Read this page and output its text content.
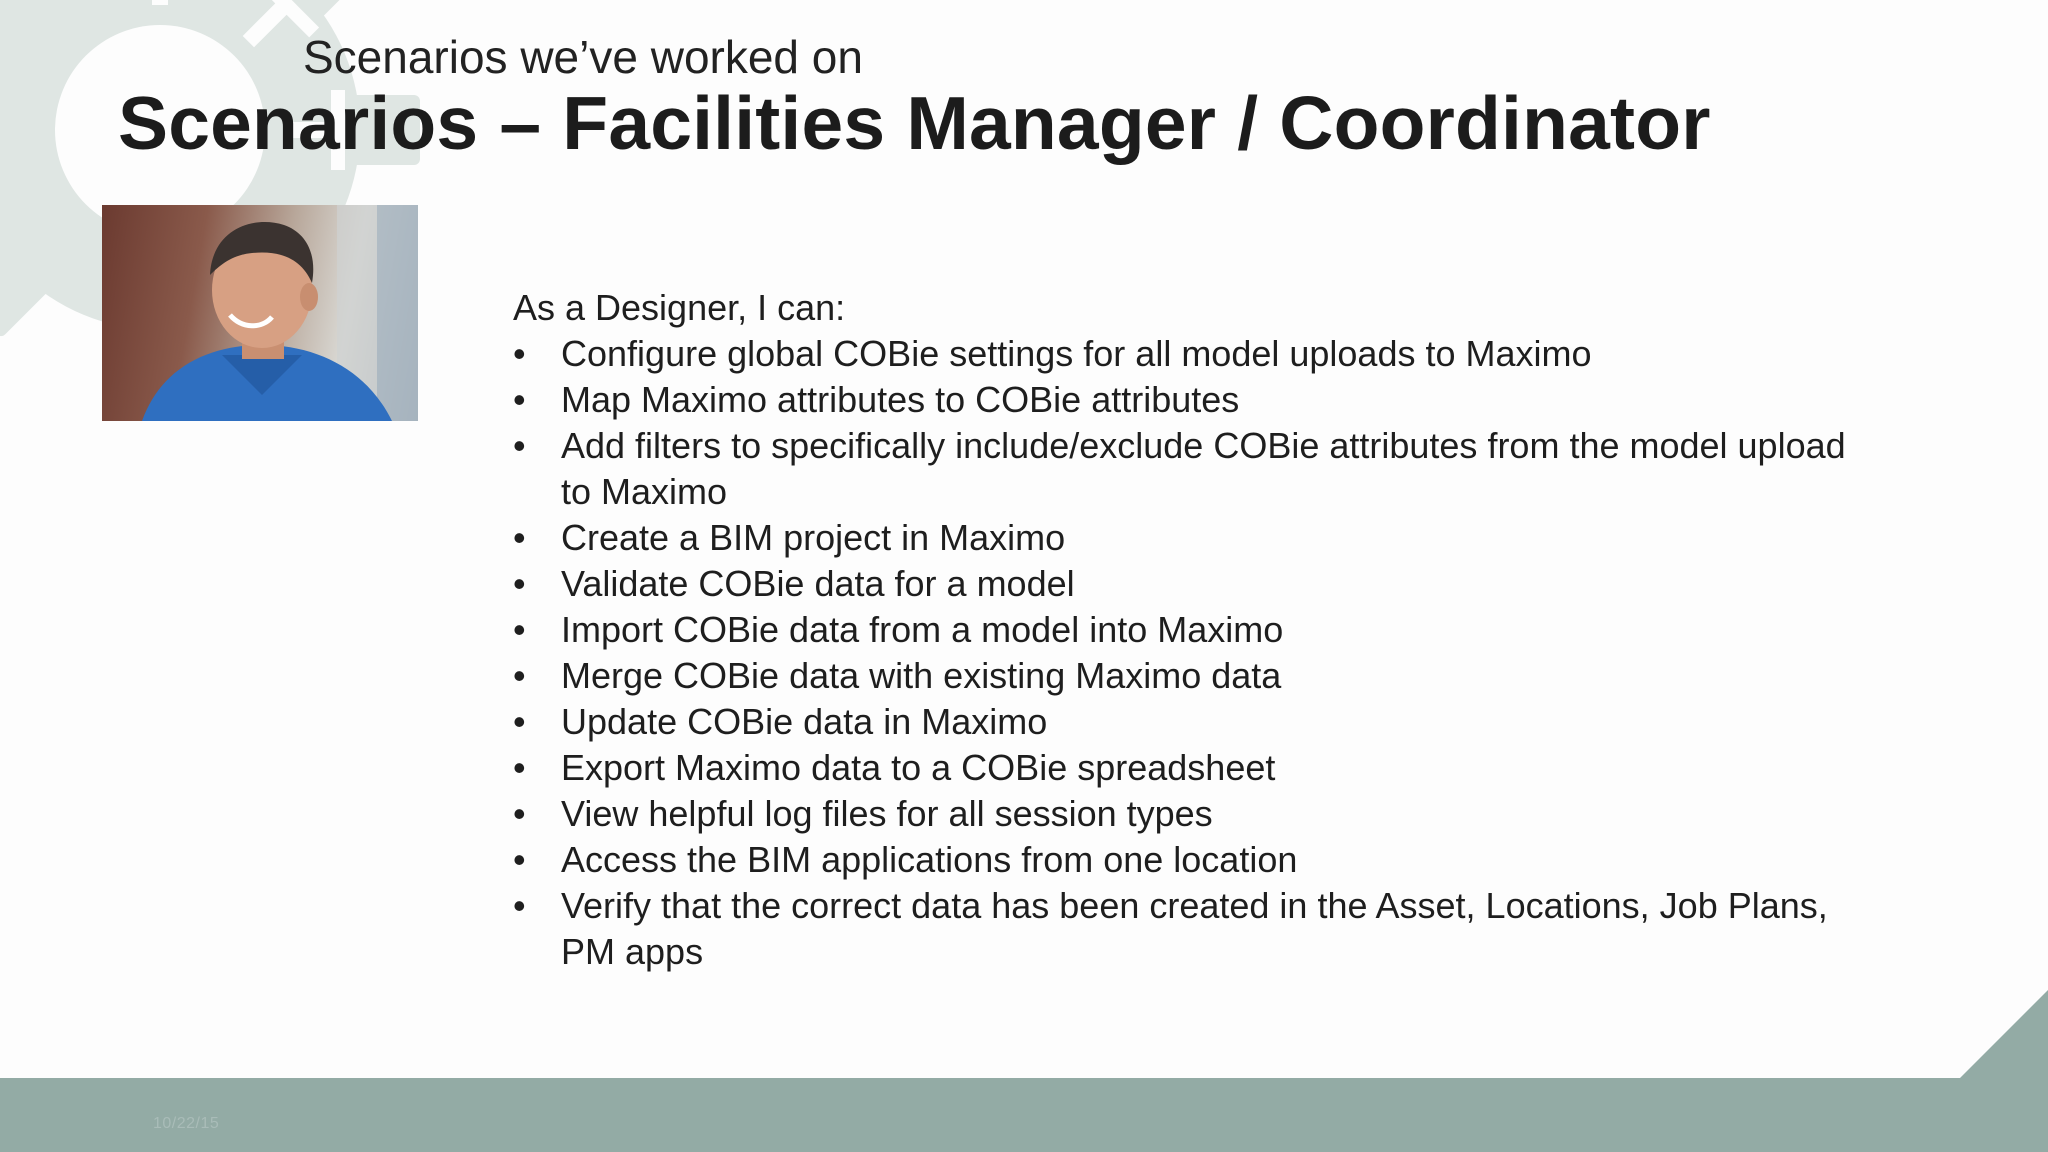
Scenarios we’ve worked on
Scenarios – Facilities Manager / Coordinator

As a Designer, I can:

• Configure global COBie settings for all model uploads to Maximo
• Map Maximo attributes to COBie attributes
• Add filters to specifically include/exclude COBie attributes from the model upload to Maximo
• Create a BIM project in Maximo
• Validate COBie data for a model
• Import COBie data from a model into Maximo
• Merge COBie data with existing Maximo data
• Update COBie data in Maximo
• Export Maximo data to a COBie spreadsheet
• View helpful log files for all session types
• Access the BIM applications from one location
• Verify that the correct data has been created in the Asset, Locations, Job Plans, PM apps
10/22/15
